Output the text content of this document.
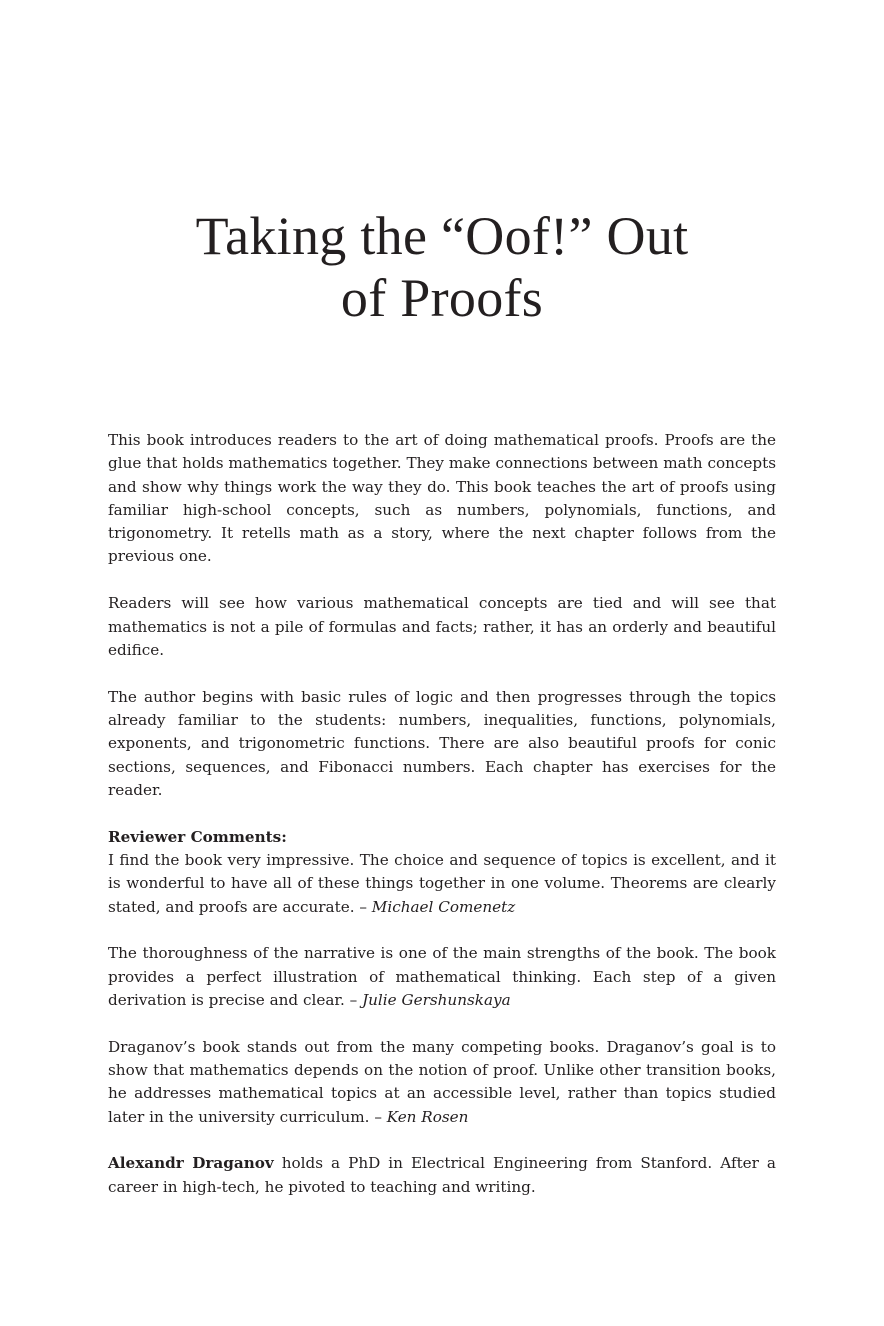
Taking the “Oof!” Out
of Proofs

This book introduces readers to the art of doing mathematical proofs. Proofs are the glue that holds mathematics together. They make connections between math concepts and show why things work the way they do. This book teaches the art of proofs using familiar high-school concepts, such as numbers, polynomials, functions, and trigonometry. It retells math as a story, where the next chapter follows from the previous one.

Readers will see how various mathematical concepts are tied and will see that mathematics is not a pile of formulas and facts; rather, it has an orderly and beautiful edifice.

The author begins with basic rules of logic and then progresses through the topics already familiar to the students: numbers, inequalities, functions, polynomials, exponents, and trigonometric functions. There are also beautiful proofs for conic sections, sequences, and Fibonacci numbers. Each chapter has exercises for the reader.

Reviewer Comments:
I find the book very impressive. The choice and sequence of topics is excellent, and it is wonderful to have all of these things together in one volume. Theorems are clearly stated, and proofs are accurate. – Michael Comenetz

The thoroughness of the narrative is one of the main strengths of the book. The book provides a perfect illustration of mathematical thinking. Each step of a given derivation is precise and clear. – Julie Gershunskaya

Draganov’s book stands out from the many competing books. Draganov’s goal is to show that mathematics depends on the notion of proof. Unlike other transition books, he addresses mathematical topics at an accessible level, rather than topics studied later in the university curriculum. – Ken Rosen

Alexandr Draganov holds a PhD in Electrical Engineering from Stanford. After a career in high-tech, he pivoted to teaching and writing.
